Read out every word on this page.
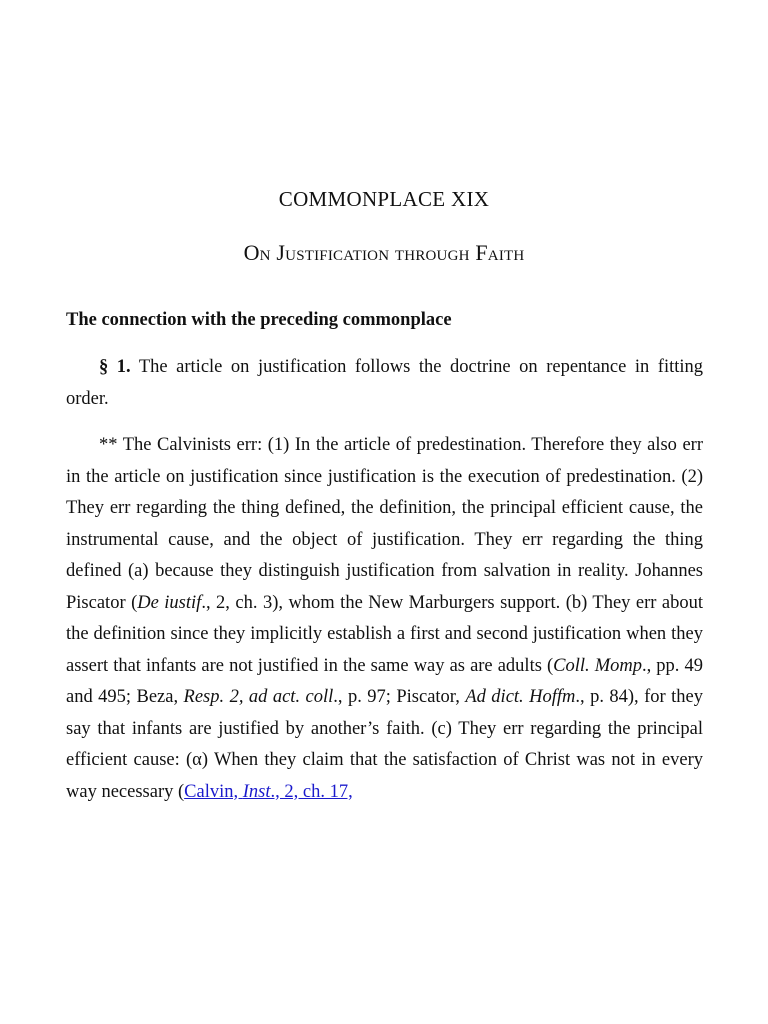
COMMONPLACE XIX
On Justification through Faith
The connection with the preceding commonplace

§ 1. The article on justification follows the doctrine on repentance in fitting order.

** The Calvinists err: (1) In the article of predestination. Therefore they also err in the article on justification since justification is the execution of predestination. (2) They err regarding the thing defined, the definition, the principal efficient cause, the instrumental cause, and the object of justification. They err regarding the thing defined (a) because they distinguish justification from salvation in reality. Johannes Piscator (De iustif., 2, ch. 3), whom the New Marburgers support. (b) They err about the definition since they implicitly establish a first and second justification when they assert that infants are not justified in the same way as are adults (Coll. Momp., pp. 49 and 495; Beza, Resp. 2, ad act. coll., p. 97; Piscator, Ad dict. Hoffm., p. 84), for they say that infants are justified by another’s faith. (c) They err regarding the principal efficient cause: (α) When they claim that the satisfaction of Christ was not in every way necessary (Calvin, Inst., 2, ch. 17,
